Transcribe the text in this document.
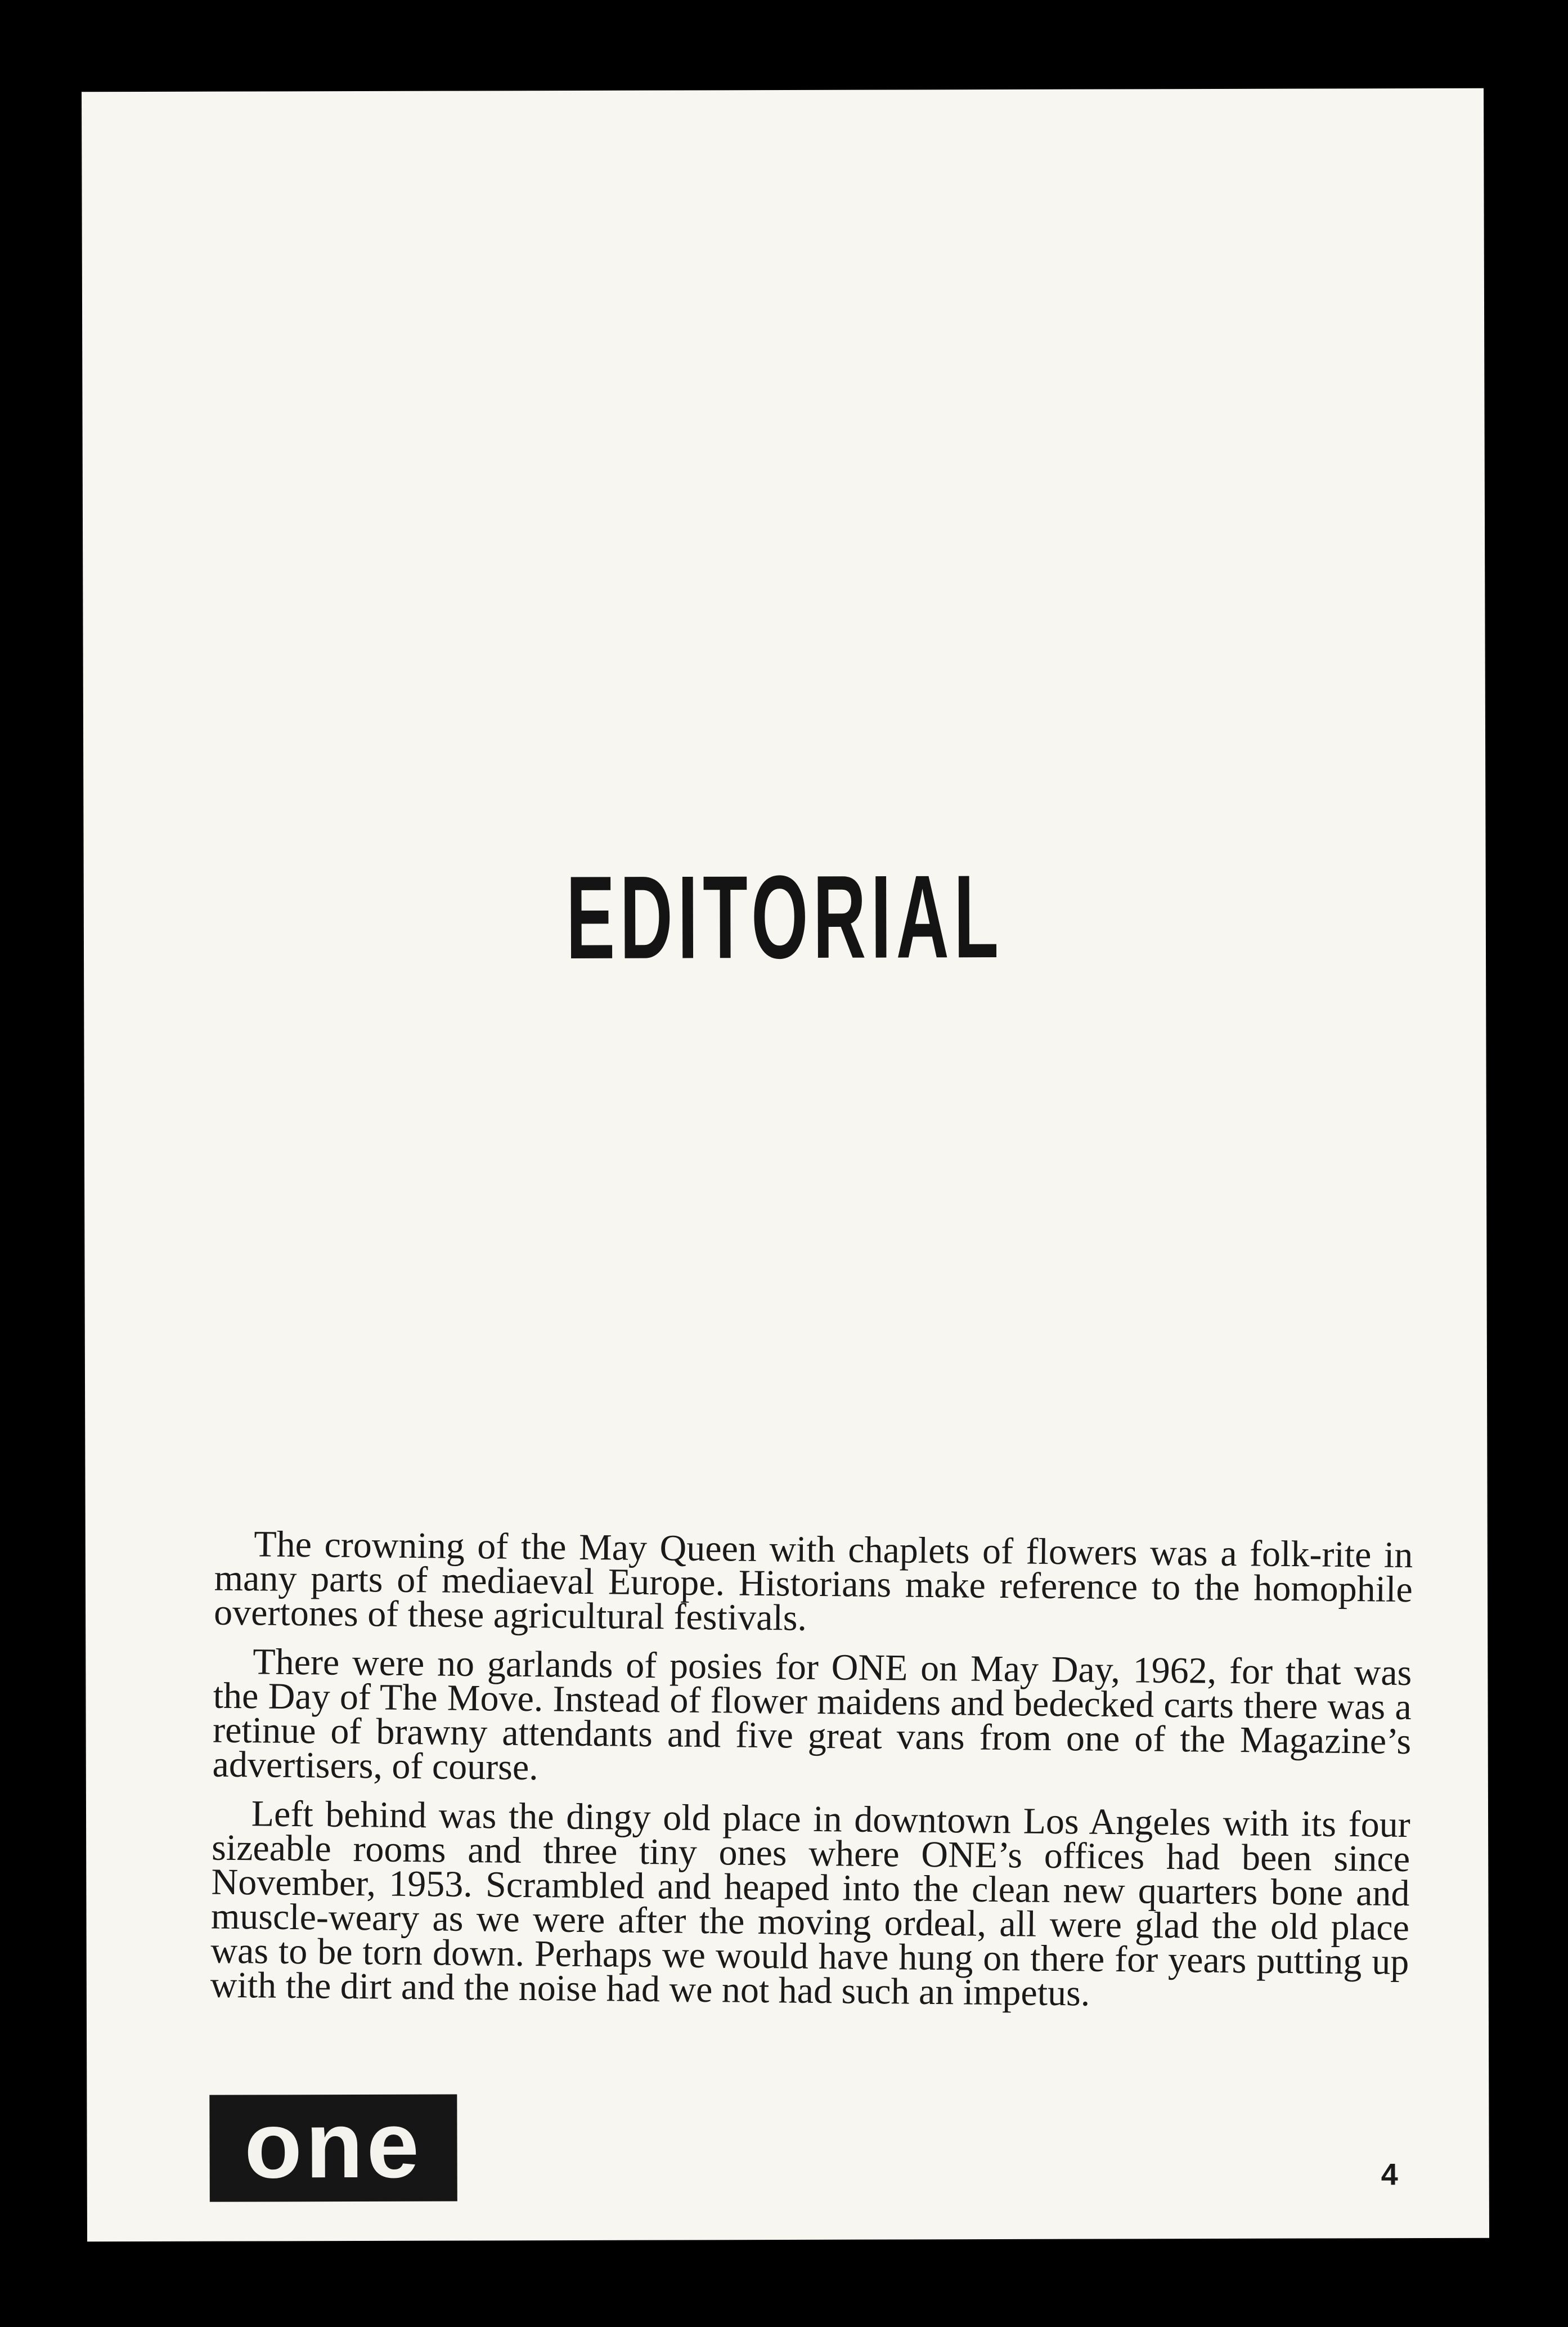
EDITORIAL

The crowning of the May Queen with chaplets of flowers was a folk-rite in many parts of mediaeval Europe. Historians make reference to the homophile overtones of these agricultural festivals.

There were no garlands of posies for ONE on May Day, 1962, for that was the Day of The Move. Instead of flower maidens and bedecked carts there was a retinue of brawny attendants and five great vans from one of the Magazine’s advertisers, of course.

Left behind was the dingy old place in downtown Los Angeles with its four sizeable rooms and three tiny ones where ONE’s offices had been since November, 1953. Scrambled and heaped into the clean new quarters bone and muscle-weary as we were after the moving ordeal, all were glad the old place was to be torn down. Perhaps we would have hung on there for years putting up with the dirt and the noise had we not had such an impetus.

one	4
